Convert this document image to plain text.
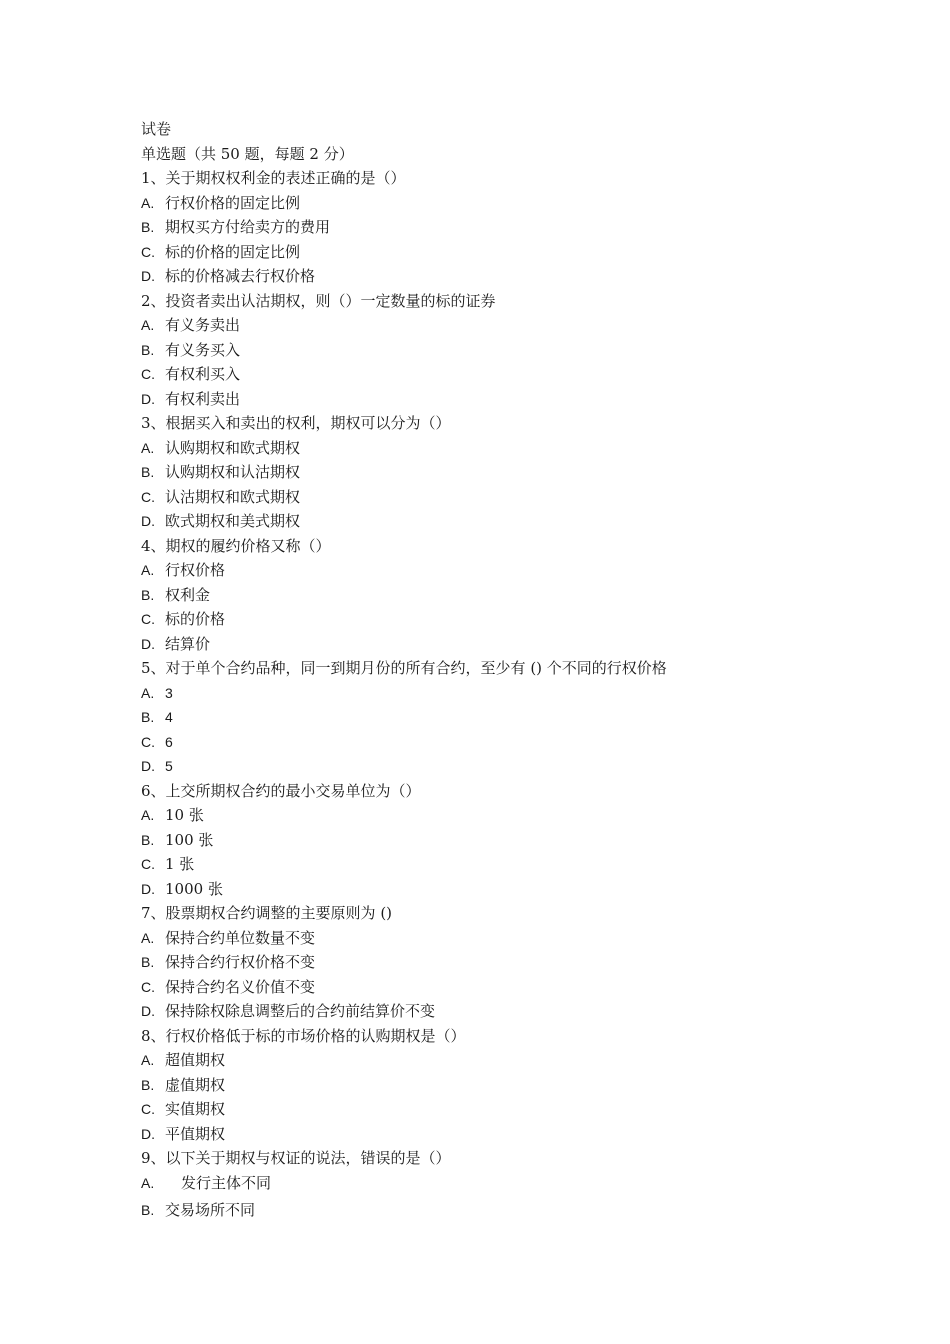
试卷
单选题（共 50 题，每题 2 分）
1、关于期权权利金的表述正确的是（）
A. 行权价格的固定比例
B. 期权买方付给卖方的费用
C. 标的价格的固定比例
D. 标的价格减去行权价格
2、投资者卖出认沽期权，则（）一定数量的标的证券
A. 有义务卖出
B. 有义务买入
C. 有权利买入
D. 有权利卖出
3、根据买入和卖出的权利，期权可以分为（）
A. 认购期权和欧式期权
B. 认购期权和认沽期权
C. 认沽期权和欧式期权
D. 欧式期权和美式期权
4、期权的履约价格又称（）
A. 行权价格
B. 权利金
C. 标的价格
D. 结算价
5、对于单个合约品种，同一到期月份的所有合约，至少有 () 个不同的行权价格
A. 3
B. 4
C. 6
D. 5
6、上交所期权合约的最小交易单位为（）
A. 10 张
B. 100 张
C. 1 张
D. 1000 张
7、股票期权合约调整的主要原则为 ()
A. 保持合约单位数量不变
B. 保持合约行权价格不变
C. 保持合约名义价值不变
D. 保持除权除息调整后的合约前结算价不变
8、行权价格低于标的市场价格的认购期权是（）
A. 超值期权
B. 虚值期权
C. 实值期权
D. 平值期权
9、以下关于期权与权证的说法，错误的是（）
A. 发行主体不同
B. 交易场所不同
